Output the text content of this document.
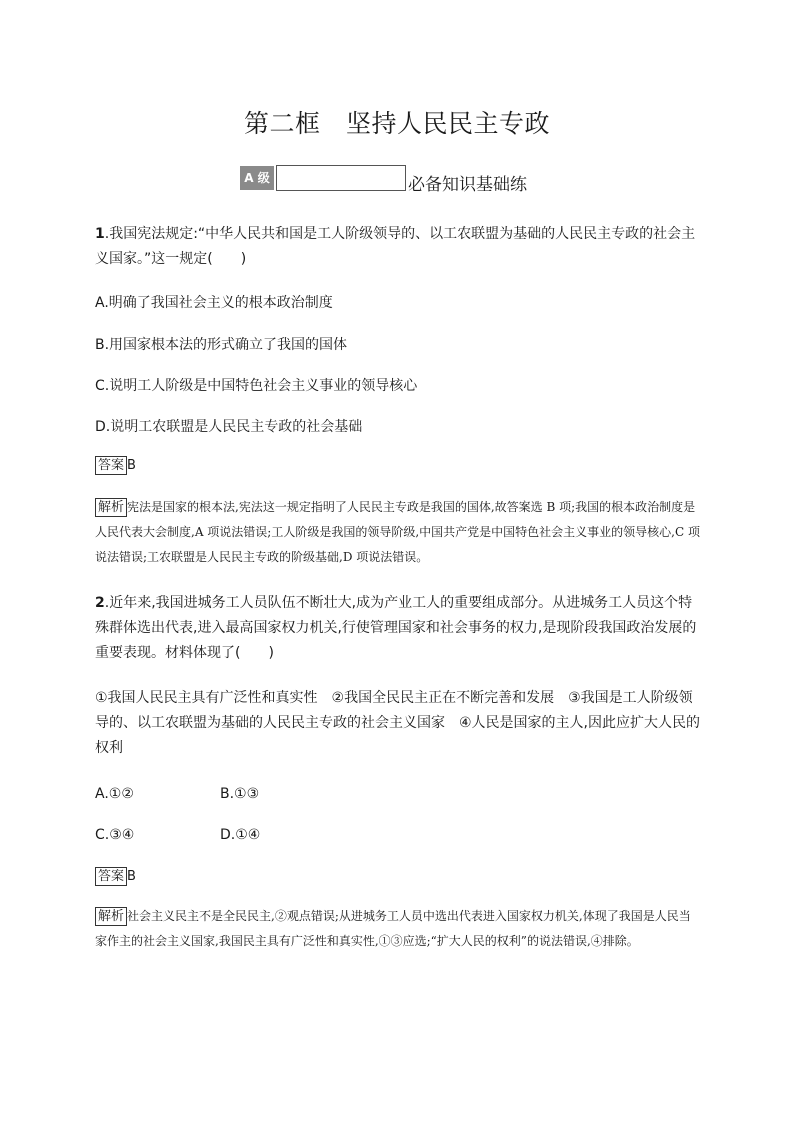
第二框　坚持人民民主专政
A 级	必备知识基础练
1.我国宪法规定:“中华人民共和国是工人阶级领导的、以工农联盟为基础的人民民主专政的社会主义国家。”这一规定(　　)
A.明确了我国社会主义的根本政治制度
B.用国家根本法的形式确立了我国的国体
C.说明工人阶级是中国特色社会主义事业的领导核心
D.说明工农联盟是人民民主专政的社会基础
答案 B
解析 宪法是国家的根本法,宪法这一规定指明了人民民主专政是我国的国体,故答案选 B 项;我国的根本政治制度是人民代表大会制度,A 项说法错误;工人阶级是我国的领导阶级,中国共产党是中国特色社会主义事业的领导核心,C 项说法错误;工农联盟是人民民主专政的阶级基础,D 项说法错误。
2.近年来,我国进城务工人员队伍不断壮大,成为产业工人的重要组成部分。从进城务工人员这个特殊群体选出代表,进入最高国家权力机关,行使管理国家和社会事务的权力,是现阶段我国政治发展的重要表现。材料体现了(　　)
①我国人民民主具有广泛性和真实性　②我国全民民主正在不断完善和发展　③我国是工人阶级领导的、以工农联盟为基础的人民民主专政的社会主义国家　④人民是国家的主人,因此应扩大人民的权利
A.①②	B.①③
C.③④	D.①④
答案 B
解析 社会主义民主不是全民民主,②观点错误;从进城务工人员中选出代表进入国家权力机关,体现了我国是人民当家作主的社会主义国家,我国民主具有广泛性和真实性,①③应选;“扩大人民的权利”的说法错误,④排除。
